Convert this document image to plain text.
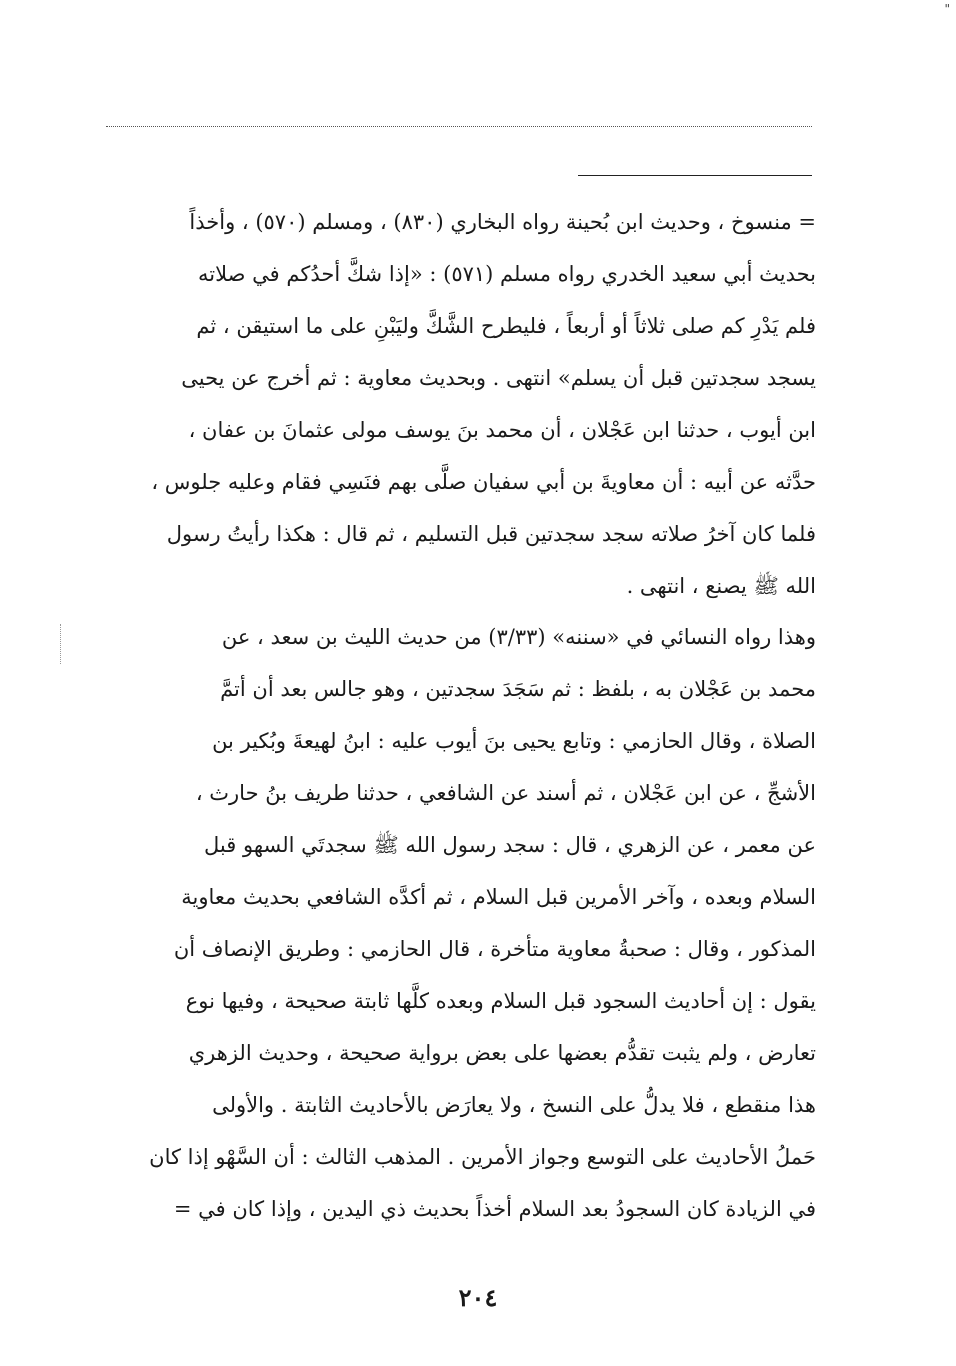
"
= منسوخ ، وحديث ابن بُحينة رواه البخاري (٨٣٠) ، ومسلم (٥٧٠) ، وأخذاً
بحديث أبي سعيد الخدري رواه مسلم (٥٧١) : «إذا شكَّ أحدُكم في صلاته
فلم يَدْرِ كم صلى ثلاثاً أو أربعاً ، فليطرح الشَّكَّ وليَبْنِ على ما استيقن ، ثم
يسجد سجدتين قبل أن يسلم» انتهى . وبحديث معاوية : ثم أخرج عن يحيى
ابن أيوب ، حدثنا ابن عَجْلان ، أن محمد بنَ يوسف مولى عثمانَ بن عفان ،
حدَّثه عن أبيه : أن معاويةَ بن أبي سفيان صلَّى بهم فنَسِي فقام وعليه جلوس ،
فلما كان آخرُ صلاته سجد سجدتين قبل التسليم ، ثم قال : هكذا رأيتُ رسول
الله ﷺ يصنع ، انتهى .
وهذا رواه النسائي في «سننه» (٣/٣٣) من حديث الليث بن سعد ، عن
محمد بن عَجْلان به ، بلفظ : ثم سَجَدَ سجدتين ، وهو جالس بعد أن أتمَّ
الصلاة ، وقال الحازمي : وتابع يحيى بنَ أيوب عليه : ابنُ لهيعةَ وبُكير بن
الأشجِّ ، عن ابن عَجْلان ، ثم أسند عن الشافعي ، حدثنا طريف بنُ حارث ،
عن معمر ، عن الزهري ، قال : سجد رسول الله ﷺ سجدتَي السهو قبل
السلام وبعده ، وآخر الأمرين قبل السلام ، ثم أكدَّه الشافعي بحديث معاوية
المذكور ، وقال : صحبةُ معاوية متأخرة ، قال الحازمي : وطريق الإنصاف أن
يقول : إن أحاديث السجود قبل السلام وبعده كلَّها ثابتة صحيحة ، وفيها نوع
تعارض ، ولم يثبت تقدُّم بعضها على بعض برواية صحيحة ، وحديث الزهري
هذا منقطع ، فلا يدلُّ على النسخ ، ولا يعارَض بالأحاديث الثابتة . والأولى
حَملُ الأحاديث على التوسع وجواز الأمرين . المذهب الثالث : أن السَّهْو إذا كان
في الزيادة كان السجودُ بعد السلام أخذاً بحديث ذي اليدين ، وإذا كان في =
٢٠٤
